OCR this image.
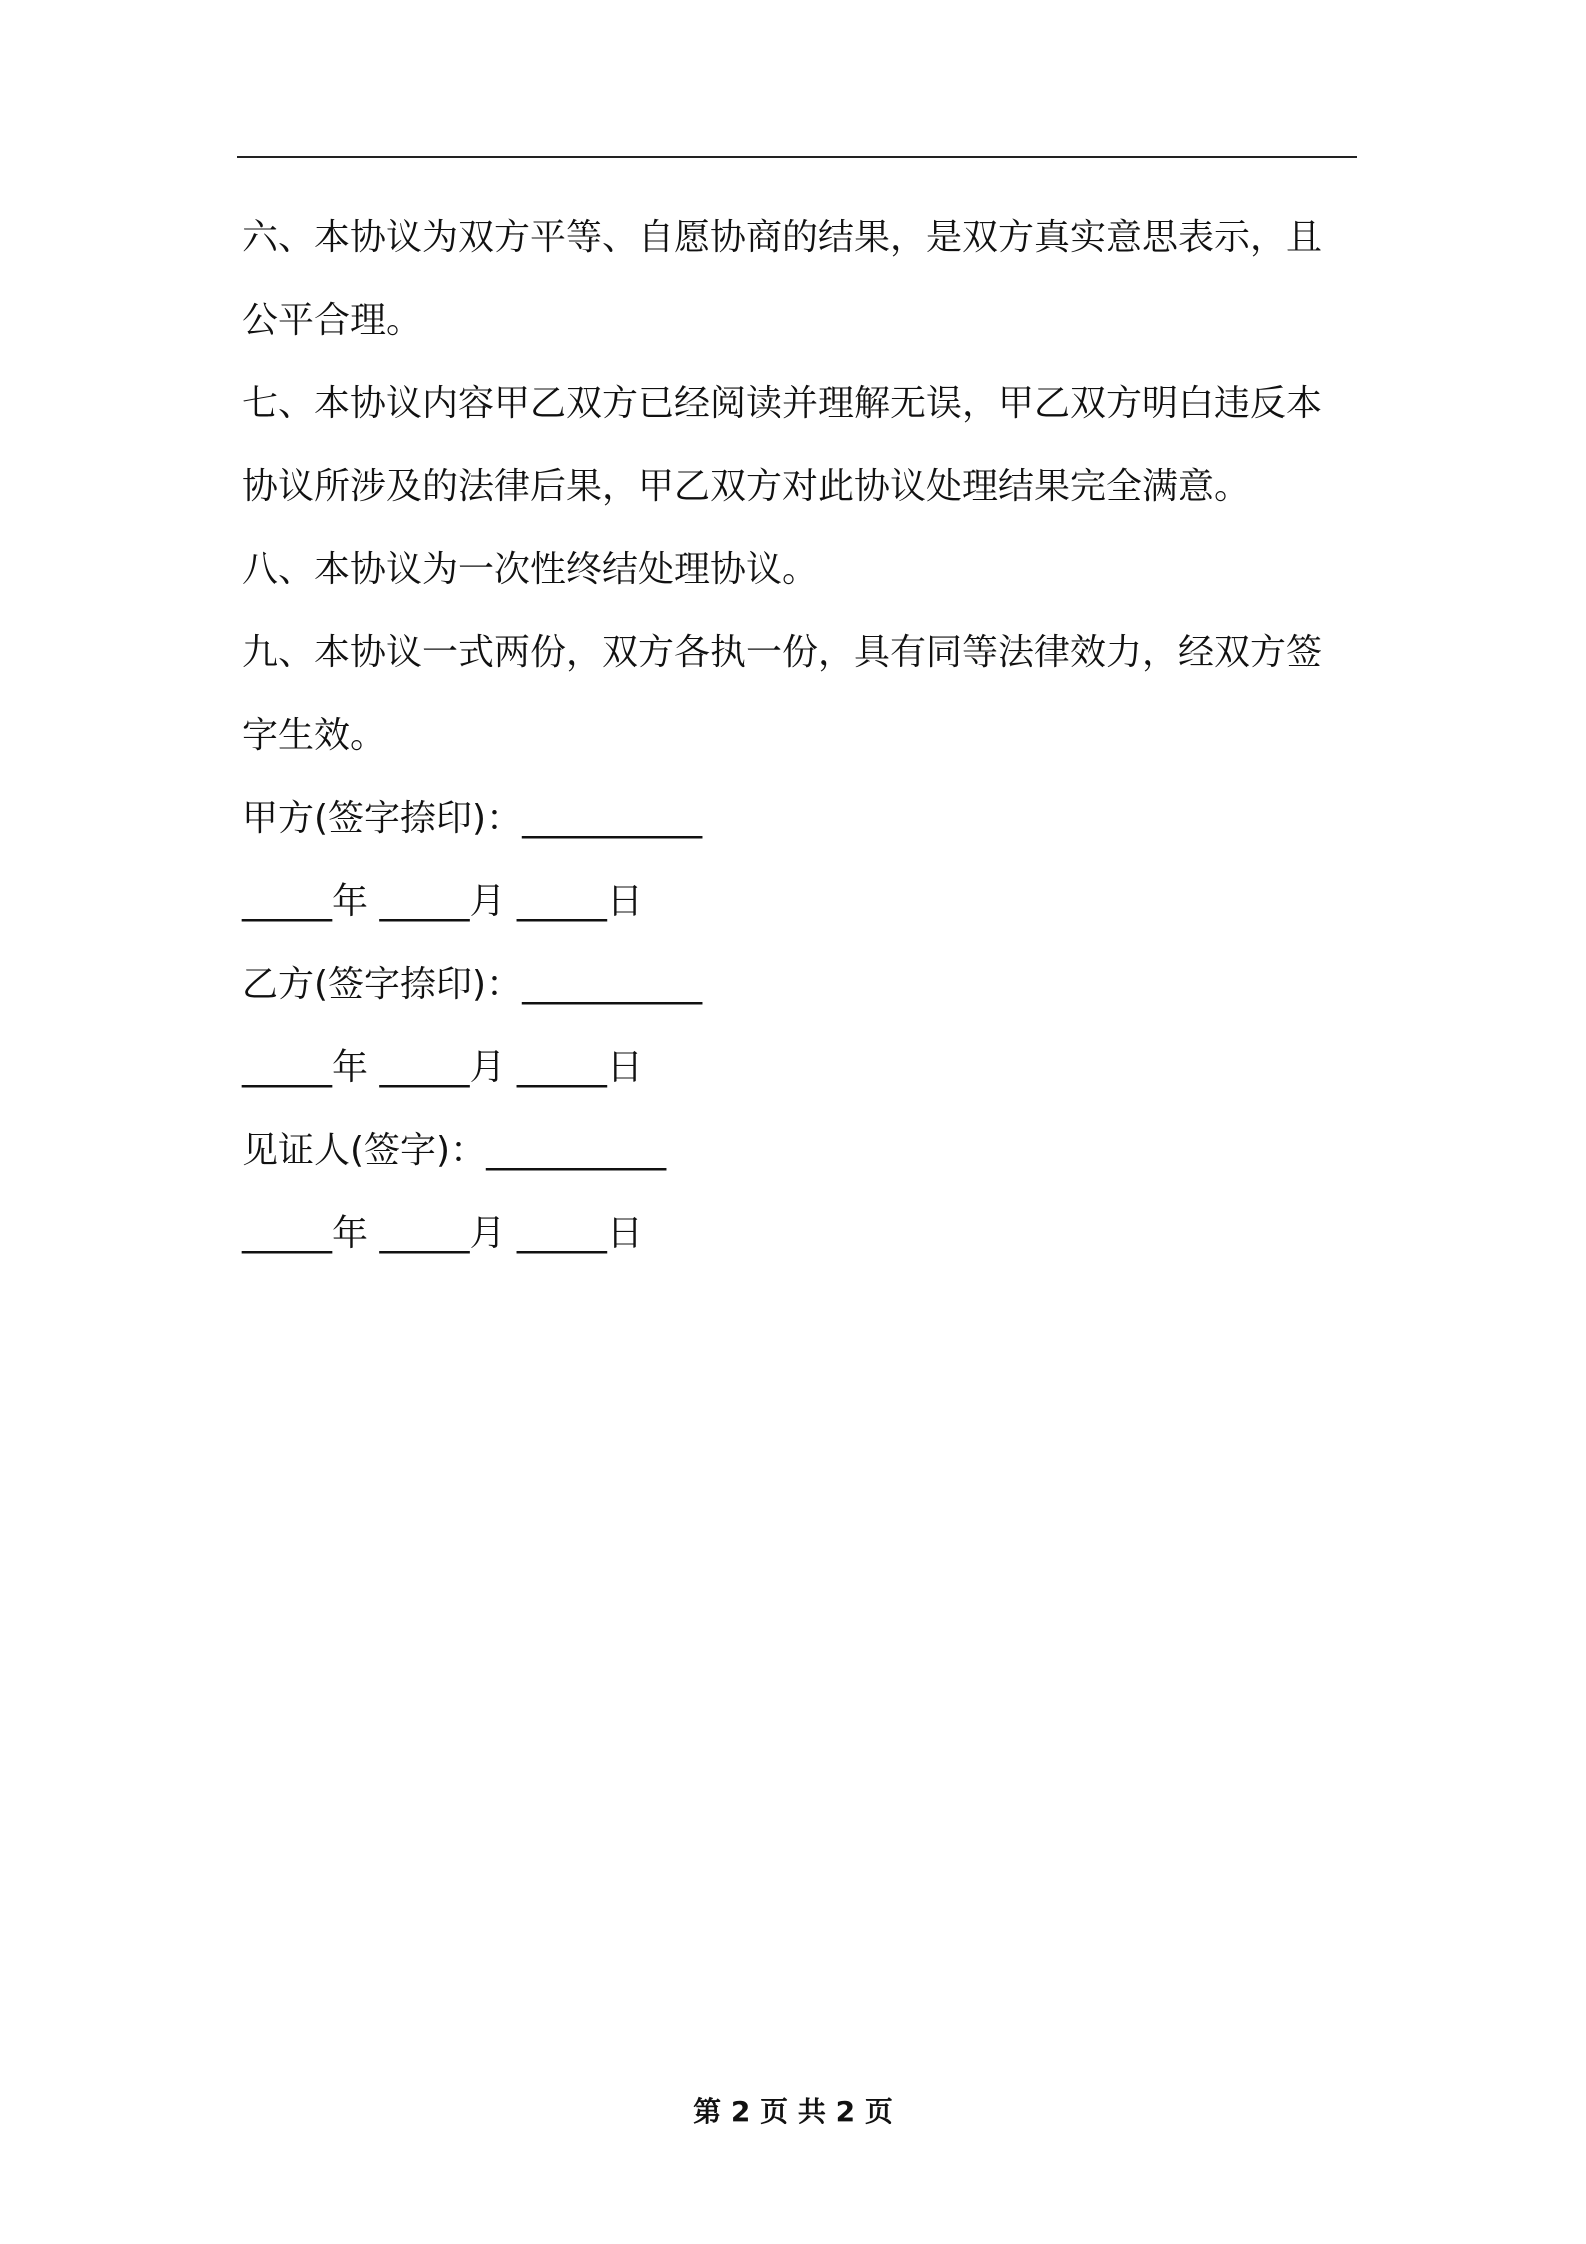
六、本协议为双方平等、自愿协商的结果，是双方真实意思表示，且
公平合理。
七、本协议内容甲乙双方已经阅读并理解无误，甲乙双方明白违反本
协议所涉及的法律后果，甲乙双方对此协议处理结果完全满意。
八、本协议为一次性终结处理协议。
九、本协议一式两份，双方各执一份，具有同等法律效力，经双方签
字生效。
甲方(签字捺印)：__________
_____年 _____月 _____日
乙方(签字捺印)：__________
_____年 _____月 _____日
见证人(签字)：__________
_____年 _____月 _____日
第 2 页 共 2 页
